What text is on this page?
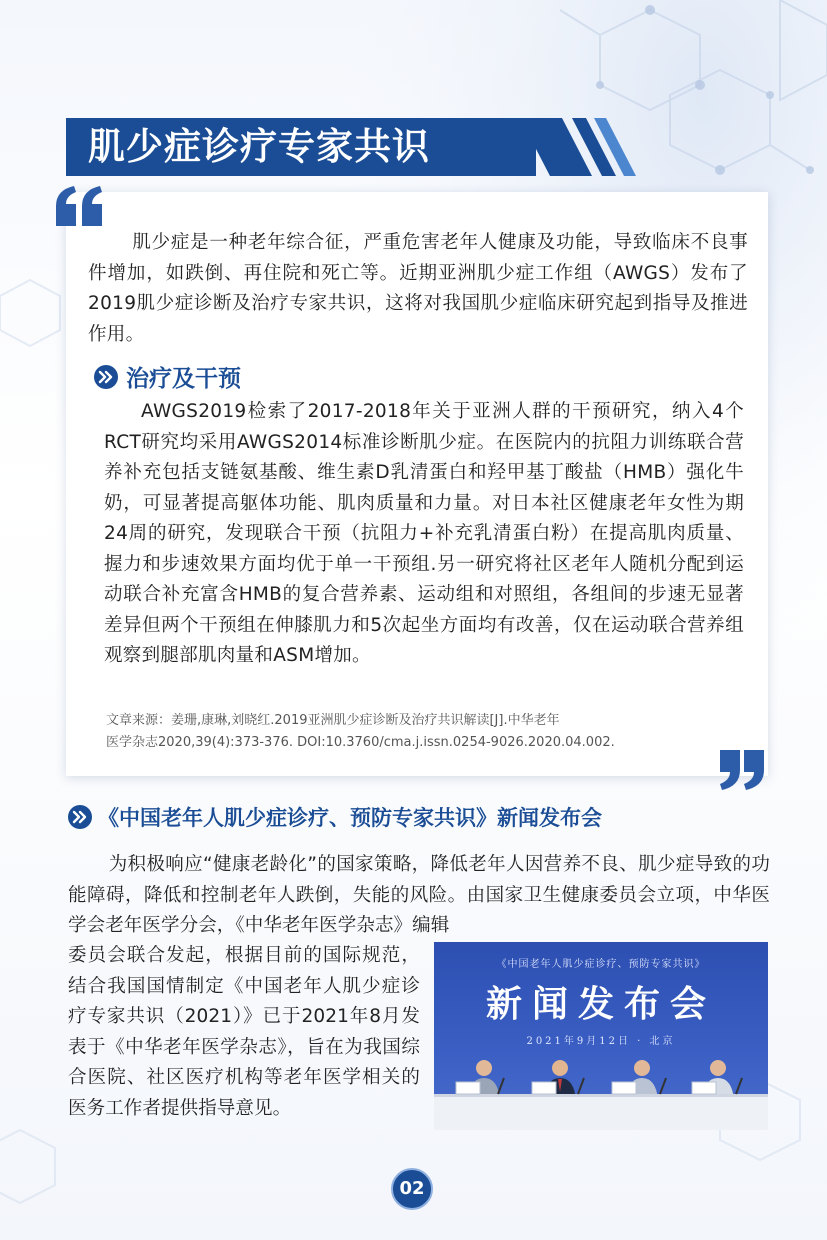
肌少症诊疗专家共识

肌少症是一种老年综合征，严重危害老年人健康及功能，导致临床不良事件增加，如跌倒、再住院和死亡等。近期亚洲肌少症工作组（AWGS）发布了2019肌少症诊断及治疗专家共识，这将对我国肌少症临床研究起到指导及推进作用。

治疗及干预

AWGS2019检索了2017-2018年关于亚洲人群的干预研究，纳入4个RCT研究均采用AWGS2014标准诊断肌少症。在医院内的抗阻力训练联合营养补充包括支链氨基酸、维生素D乳清蛋白和羟甲基丁酸盐（HMB）强化牛奶，可显著提高躯体功能、肌肉质量和力量。对日本社区健康老年女性为期24周的研究，发现联合干预（抗阻力+补充乳清蛋白粉）在提高肌肉质量、握力和步速效果方面均优于单一干预组.另一研究将社区老年人随机分配到运动联合补充富含HMB的复合营养素、运动组和对照组，各组间的步速无显著差异但两个干预组在伸膝肌力和5次起坐方面均有改善，仅在运动联合营养组观察到腿部肌肉量和ASM增加。

文章来源：姜珊,康琳,刘晓红.2019亚洲肌少症诊断及治疗共识解读[J].中华老年
医学杂志2020,39(4):373-376. DOI:10.3760/cma.j.issn.0254-9026.2020.04.002.
《中国老年人肌少症诊疗、预防专家共识》新闻发布会

为积极响应“健康老龄化”的国家策略，降低老年人因营养不良、肌少症导致的功能障碍，降低和控制老年人跌倒，失能的风险。由国家卫生健康委员会立项，中华医学会老年医学分会，《中华老年医学杂志》编辑

委员会联合发起，根据目前的国际规范，结合我国国情制定《中国老年人肌少症诊疗专家共识（2021）》已于2021年8月发表于《中华老年医学杂志》，旨在为我国综合医院、社区医疗机构等老年医学相关的医务工作者提供指导意见。

《中国老年人肌少症诊疗、预防专家共识》
新闻发布会
2021年9月12日 · 北京
02
